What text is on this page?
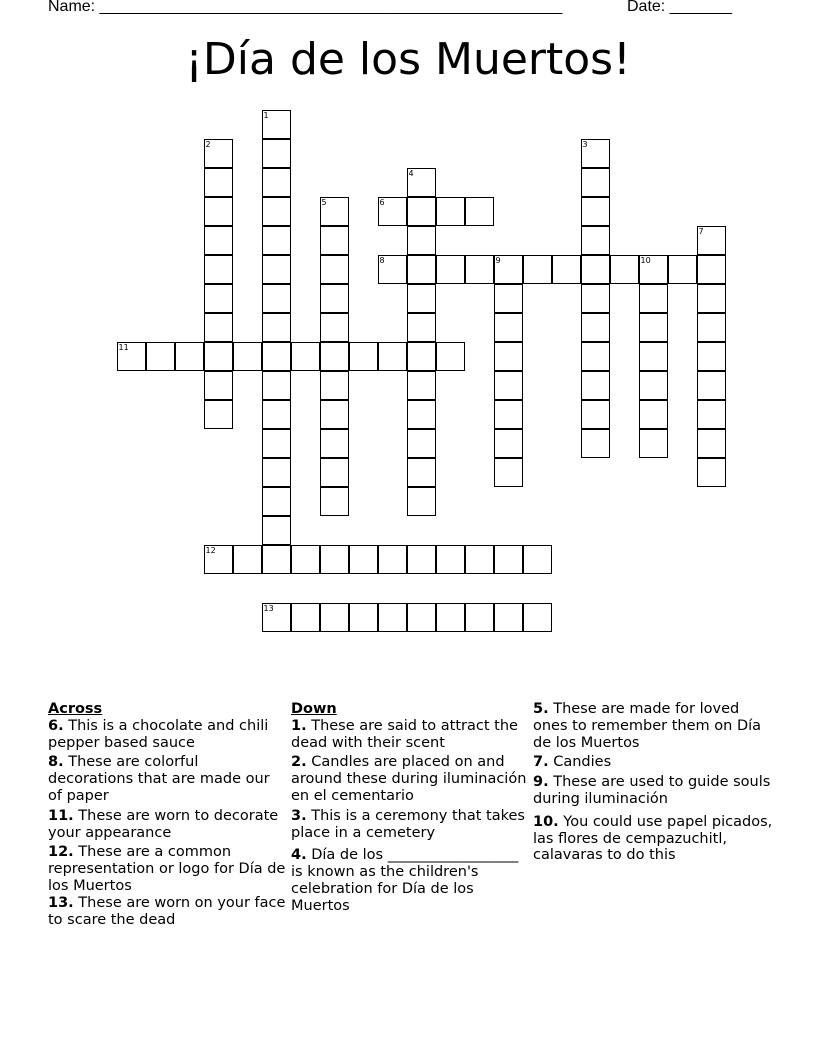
Name: ____________________________________________________	Date: _______
¡Día de los Muertos!
1
2	3
4
5	6
7
8	9	10
11
12
13
Across
6. This is a chocolate and chili pepper based sauce
8. These are colorful decorations that are made our of paper
11. These are worn to decorate your appearance
12. These are a common representation or logo for Día de los Muertos
13. These are worn on your face to scare the dead
Down
1. These are said to attract the dead with their scent
2. Candles are placed on and around these during iluminación en el cementario
3. This is a ceremony that takes place in a cemetery
4. Día de los __________________ is known as the children's celebration for Día de los Muertos
5. These are made for loved ones to remember them on Día de los Muertos
7. Candies
9. These are used to guide souls during iluminación
10. You could use papel picados, las flores de cempazuchitl, calavaras to do this
